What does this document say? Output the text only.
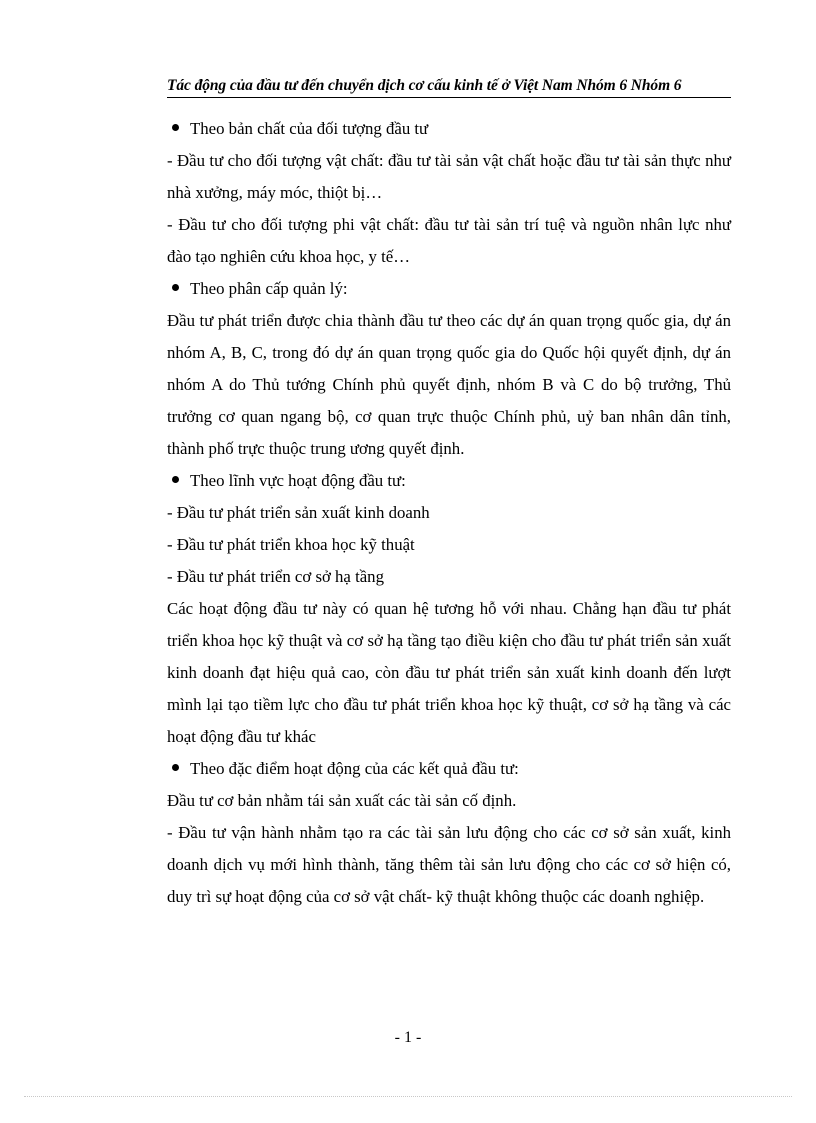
Tác động của đầu tư đến chuyển dịch cơ cấu kinh tế ở Việt Nam Nhóm 6 Nhóm 6

Theo bản chất của đối tượng đầu tư

- Đầu tư cho đối tượng vật chất: đầu tư tài sản vật chất hoặc đầu tư tài sản thực như nhà xưởng, máy móc, thiột bị…

- Đầu tư cho đối tượng phi vật chất: đầu tư tài sản trí tuệ và nguồn nhân lực như đào tạo nghiên cứu khoa học, y tế…

Theo phân cấp quản lý:

Đầu tư phát triển được chia thành đầu tư theo các dự án quan trọng quốc gia, dự án nhóm A, B, C, trong đó dự án quan trọng quốc gia do Quốc hội quyết định, dự án nhóm A do Thủ tướng Chính phủ quyết định, nhóm B và C do bộ trưởng, Thủ trưởng cơ quan ngang bộ, cơ quan trực thuộc Chính phủ, uỷ ban nhân dân tỉnh, thành phố trực thuộc trung ương quyết định.

Theo lĩnh vực hoạt động đầu tư:

- Đầu tư phát triển sản xuất kinh doanh

- Đầu tư phát triển khoa học kỹ thuật

- Đầu tư phát triển cơ sở hạ tầng

Các hoạt động đầu tư này có quan hệ tương hỗ với nhau. Chẳng hạn đầu tư phát triển khoa học kỹ thuật và cơ sở hạ tầng tạo điều kiện cho đầu tư phát triển sản xuất kinh doanh đạt hiệu quả cao, còn đầu tư phát triển sản xuất kinh doanh đến lượt mình lại tạo tiềm lực cho đầu tư phát triển khoa học kỹ thuật, cơ sở hạ tầng và các hoạt động đầu tư khác

Theo đặc điểm hoạt động của các kết quả đầu tư:

Đầu tư cơ bản nhằm tái sản xuất các tài sản cố định.

- Đầu tư vận hành nhằm tạo ra các tài sản lưu động cho các cơ sở sản xuất, kinh doanh dịch vụ mới hình thành, tăng thêm tài sản lưu động cho các cơ sở hiện có, duy trì sự hoạt động của cơ sở vật chất- kỹ thuật không thuộc các doanh nghiệp.

- 1 -
